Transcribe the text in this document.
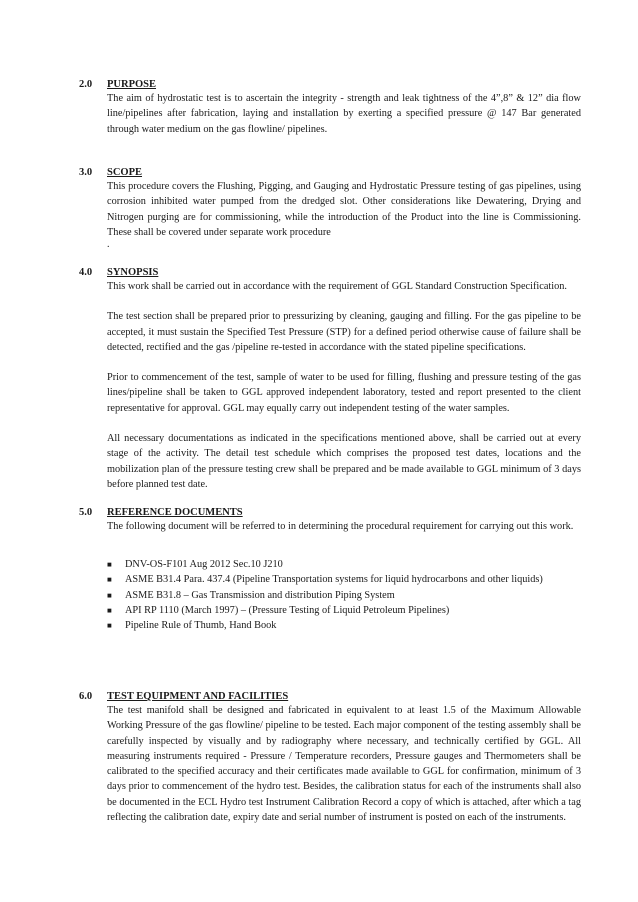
2.0 PURPOSE

The aim of hydrostatic test is to ascertain the integrity - strength and leak tightness of the 4”,8” & 12” dia flow line/pipelines after fabrication, laying and installation by exerting a specified pressure @ 147 Bar generated through water medium on the gas flowline/ pipelines.

3.0 SCOPE

This procedure covers the Flushing, Pigging, and Gauging and Hydrostatic Pressure testing of gas pipelines, using corrosion inhibited water pumped from the dredged slot. Other considerations like Dewatering, Drying and Nitrogen purging are for commissioning, while the introduction of the Product into the line is Commissioning. These shall be covered under separate work procedure

.
4.0 SYNOPSIS

This work shall be carried out in accordance with the requirement of GGL Standard Construction Specification.

The test section shall be prepared prior to pressurizing by cleaning, gauging and filling. For the gas pipeline to be accepted, it must sustain the Specified Test Pressure (STP) for a defined period otherwise cause of failure shall be detected, rectified and the gas /pipeline re-tested in accordance with the stated pipeline specifications.

Prior to commencement of the test, sample of water to be used for filling, flushing and pressure testing of the gas lines/pipeline shall be taken to GGL approved independent laboratory, tested and report presented to the client representative for approval. GGL may equally carry out independent testing of the water samples.

All necessary documentations as indicated in the specifications mentioned above, shall be carried out at every stage of the activity. The detail test schedule which comprises the proposed test dates, locations and the mobilization plan of the pressure testing crew shall be prepared and be made available to GGL minimum of 3 days before planned test date.

5.0 REFERENCE DOCUMENTS

The following document will be referred to in determining the procedural requirement for carrying out this work.

■ DNV-OS-F101 Aug 2012 Sec.10 J210
■ ASME B31.4 Para. 437.4 (Pipeline Transportation systems for liquid hydrocarbons and other liquids)
■ ASME B31.8 – Gas Transmission and distribution Piping System
■ API RP 1110 (March 1997) – (Pressure Testing of Liquid Petroleum Pipelines)
■ Pipeline Rule of Thumb, Hand Book
6.0 TEST EQUIPMENT AND FACILITIES

The test manifold shall be designed and fabricated in equivalent to at least 1.5 of the Maximum Allowable Working Pressure of the gas flowline/ pipeline to be tested. Each major component of the testing assembly shall be carefully inspected by visually and by radiography where necessary, and technically certified by GGL. All measuring instruments required - Pressure / Temperature recorders, Pressure gauges and Thermometers shall be calibrated to the specified accuracy and their certificates made available to GGL for confirmation, minimum of 3 days prior to commencement of the hydro test. Besides, the calibration status for each of the instruments shall also be documented in the ECL Hydro test Instrument Calibration Record a copy of which is attached, after which a tag reflecting the calibration date, expiry date and serial number of instrument is posted on each of the instruments.
